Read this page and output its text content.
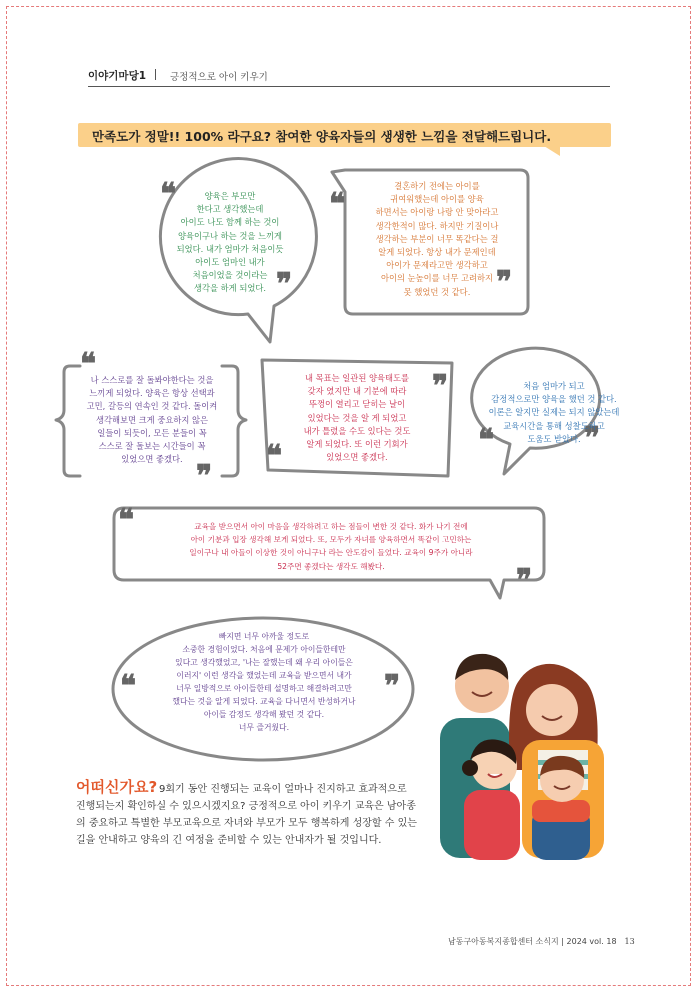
이야기마당1	긍정적으로 아이 키우기
만족도가 정말!! 100% 라구요? 참여한 양육자들의 생생한 느낌을 전달해드립니다.
❝
❞
양육은 부모만
한다고 생각했는데
아이도 나도 함께 하는 것이
양육이구나 하는 것을 느끼게
되었다. 내가 엄마가 처음이듯
아이도 엄마인 내가
처음이었을 것이라는
생각을 하게 되었다.
❝
❞
결혼하기 전에는 아이를
귀여워했는데 아이를 양육
하면서는 아이랑 나랑 안 맞아라고
생각한적이 많다. 하지만 기질이나
생각하는 부분이 너무 똑같다는 걸
알게 되었다. 항상 내가 문제인데
아이가 문제라고만 생각하고
아이의 눈높이를 너무 고려하지
못 했었던 것 같다.
❝
❞
나 스스로를 잘 돌봐야한다는 것을
느끼게 되었다. 양육은 항상 선택과
고민, 갈등의 연속인 것 같다. 돌이켜
생각해보면 크게 중요하지 않은
일들이 되듯이, 모든 분들이 꼭
스스로 잘 돌보는 시간들이 꼭
있었으면 좋겠다.
❞
❝
내 목표는 일관된 양육태도를
갖자 였지만 내 기분에 따라
뚜껑이 열리고 닫히는 날이
있었다는 것을 알 게 되었고
내가 틀렸을 수도 있다는 것도
알게 되었다. 또 이런 기회가
있었으면 좋겠다.	❝	❞
처음 엄마가 되고
감정적으로만 양육을 했던 것 같다.
이론은 알지만 실제는 되지 않았는데
교육시간을 통해 성찰도하고
도움도 받았다.
❝
❞
교육을 받으면서 아이 마음을 생각하려고 하는 점들이 변한 것 같다. 화가 나기 전에
아이 기분과 입장 생각해 보게 되었다. 또, 모두가 자녀를 양육하면서 똑같이 고민하는
일이구나 내 아들이 이상한 것이 아니구나 라는 안도감이 들었다. 교육이 9주가 아니라
52주면 좋겠다는 생각도 해봤다.
❝	❞
빠지면 너무 아까울 정도로
소중한 경험이었다. 처음에 문제가 아이들한테만
있다고 생각했었고, '나는 잘했는데 왜 우리 아이들은
이러지' 이런 생각을 했었는데 교육을 받으면서 내가
너무 일방적으로 아이들한테 설명하고 해결하려고만
했다는 것을 알게 되었다. 교육을 다니면서 반성하거나
아이들 감정도 생각해 봤던 것 같다.
너무 즐거웠다.
어떠신가요? 9회기 동안 진행되는 교육이 얼마나 진지하고 효과적으로
진행되는지 확인하실 수 있으시겠지요? 긍정적으로 아이 키우기 교육은 남아종의 중요하고 특별한 부모교육으로 자녀와 부모가 모두 행복하게 성장할 수 있는 길을 안내하고 양육의 긴 여정을 준비할 수 있는 안내자가 될 것입니다.
남동구아동복지종합센터 소식지 | 2024 vol. 18 13
